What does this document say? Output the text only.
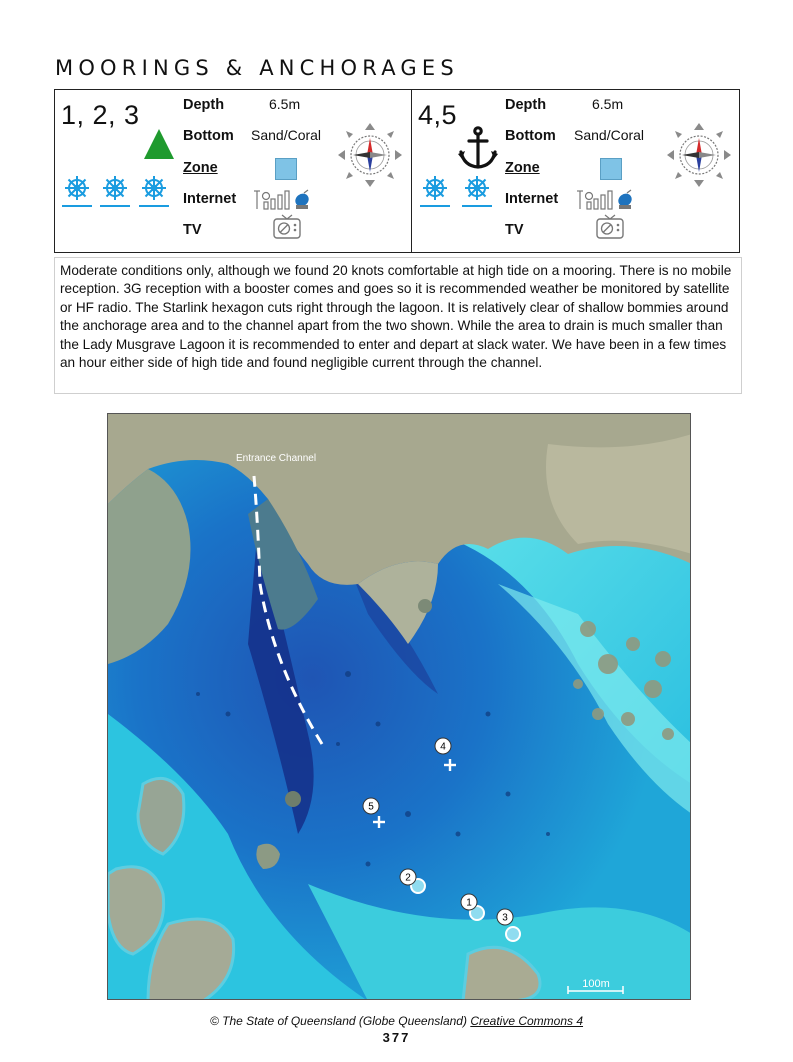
MOORINGS & ANCHORAGES
1, 2, 3	Depth	6.5m
Bottom Sand/Coral
Zone
Internet
TV
4,5	Depth	6.5m
Bottom Sand/Coral
Zone
Internet
TV
Moderate conditions only, although we found 20 knots comfortable at high tide on a mooring. There is no mobile reception. 3G reception with a booster comes and goes so it is recommended weather be monitored by satellite or HF radio. The Starlink hexagon cuts right through the lagoon. It is relatively clear of shallow bommies around the anchorage area and to the channel apart from the two shown. While the area to drain is much smaller than the Lady Musgrave Lagoon it is recommended to enter and depart at slack water. We have been in a few times an hour either side of high tide and found negligible current through the channel.
Entrance Channel
4
5
2
1
3
100m
© The State of Queensland (Globe Queensland) Creative Commons 4
377
